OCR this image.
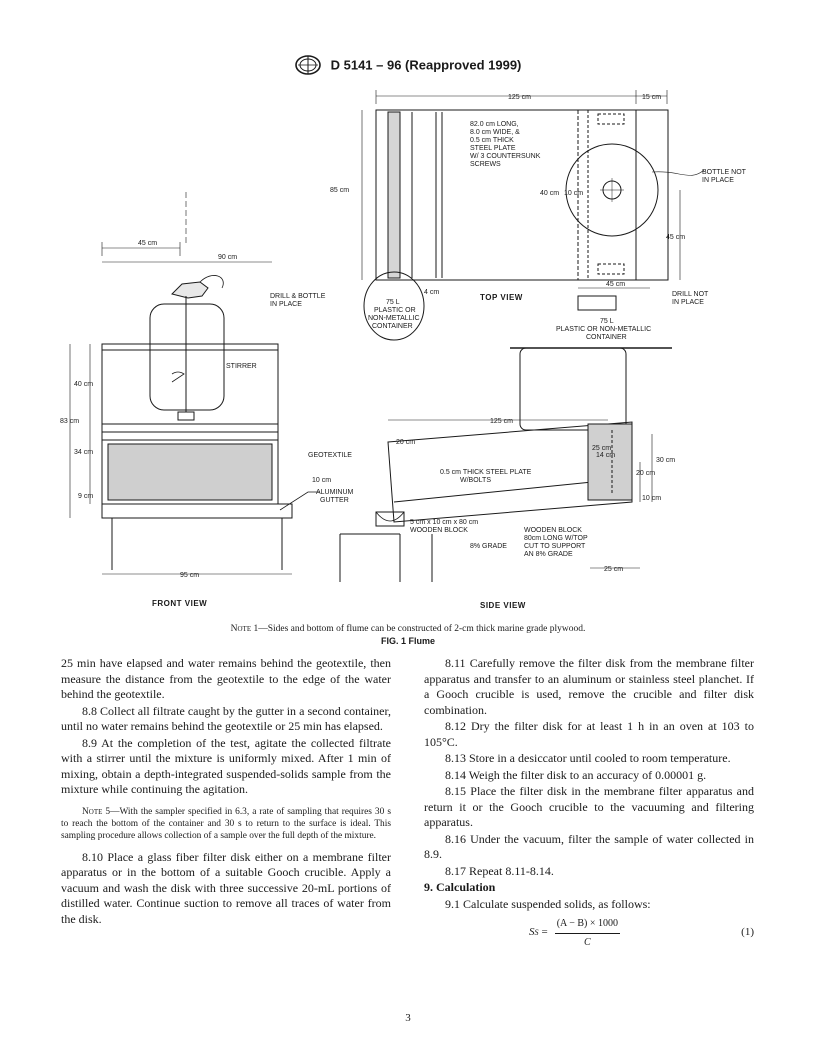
D 5141 – 96 (Reapproved 1999)
125 cm	15 cm
82.0 cm LONG,
8.0 cm WIDE, &
0.5 cm THICK
STEEL PLATE
W/ 3 COUNTERSUNK
SCREWS
85 cm	40 cm 10 cm
BOTTLE NOT
IN PLACE
45 cm
4 cm
75 L
PLASTIC OR
NON-METALLIC
CONTAINER
TOP VIEW
45 cm
90 cm
DRILL & BOTTLE
IN PLACE
STIRRER
40 cm
83 cm
34 cm
9 cm
GEOTEXTILE
10 cm
ALUMINUM
GUTTER
95 cm
FRONT VIEW
45 cm
DRILL NOT
IN PLACE
75 L
PLASTIC OR NON-METALLIC
CONTAINER
125 cm
20 cm
0.5 cm THICK STEEL PLATE
W/BOLTS
25 cm
14 cm
30 cm
20 cm
10 cm
5 cm x 10 cm x 80 cm
WOODEN BLOCK
8% GRADE
WOODEN BLOCK
80cm LONG W/TOP
CUT TO SUPPORT
AN 8% GRADE
25 cm
SIDE VIEW
Note 1—Sides and bottom of flume can be constructed of 2-cm thick marine grade plywood.
FIG. 1 Flume

25 min have elapsed and water remains behind the geotextile, then measure the distance from the geotextile to the edge of the water behind the geotextile.

8.8 Collect all filtrate caught by the gutter in a second container, until no water remains behind the geotextile or 25 min has elapsed.

8.9 At the completion of the test, agitate the collected filtrate with a stirrer until the mixture is uniformly mixed. After 1 min of mixing, obtain a depth-integrated suspended-solids sample from the mixture while continuing the agitation.

Note 5—With the sampler specified in 6.3, a rate of sampling that requires 30 s to reach the bottom of the container and 30 s to return to the surface is ideal. This sampling procedure allows collection of a sample over the full depth of the mixture.

8.10 Place a glass fiber filter disk either on a membrane filter apparatus or in the bottom of a suitable Gooch crucible. Apply a vacuum and wash the disk with three successive 20-mL portions of distilled water. Continue suction to remove all traces of water from the disk.

8.11 Carefully remove the filter disk from the membrane filter apparatus and transfer to an aluminum or stainless steel planchet. If a Gooch crucible is used, remove the crucible and filter disk combination.

8.12 Dry the filter disk for at least 1 h in an oven at 103 to 105°C.

8.13 Store in a desiccator until cooled to room temperature.

8.14 Weigh the filter disk to an accuracy of 0.00001 g.

8.15 Place the filter disk in the membrane filter apparatus and return it or the Gooch crucible to the vacuuming and filtering apparatus.

8.16 Under the vacuum, filter the sample of water collected in 8.9.

8.17 Repeat 8.11-8.14.

9. Calculation

9.1 Calculate suspended solids, as follows:

S $S = \frac{(A - B) \times 1000}{C}$	(1)
3
